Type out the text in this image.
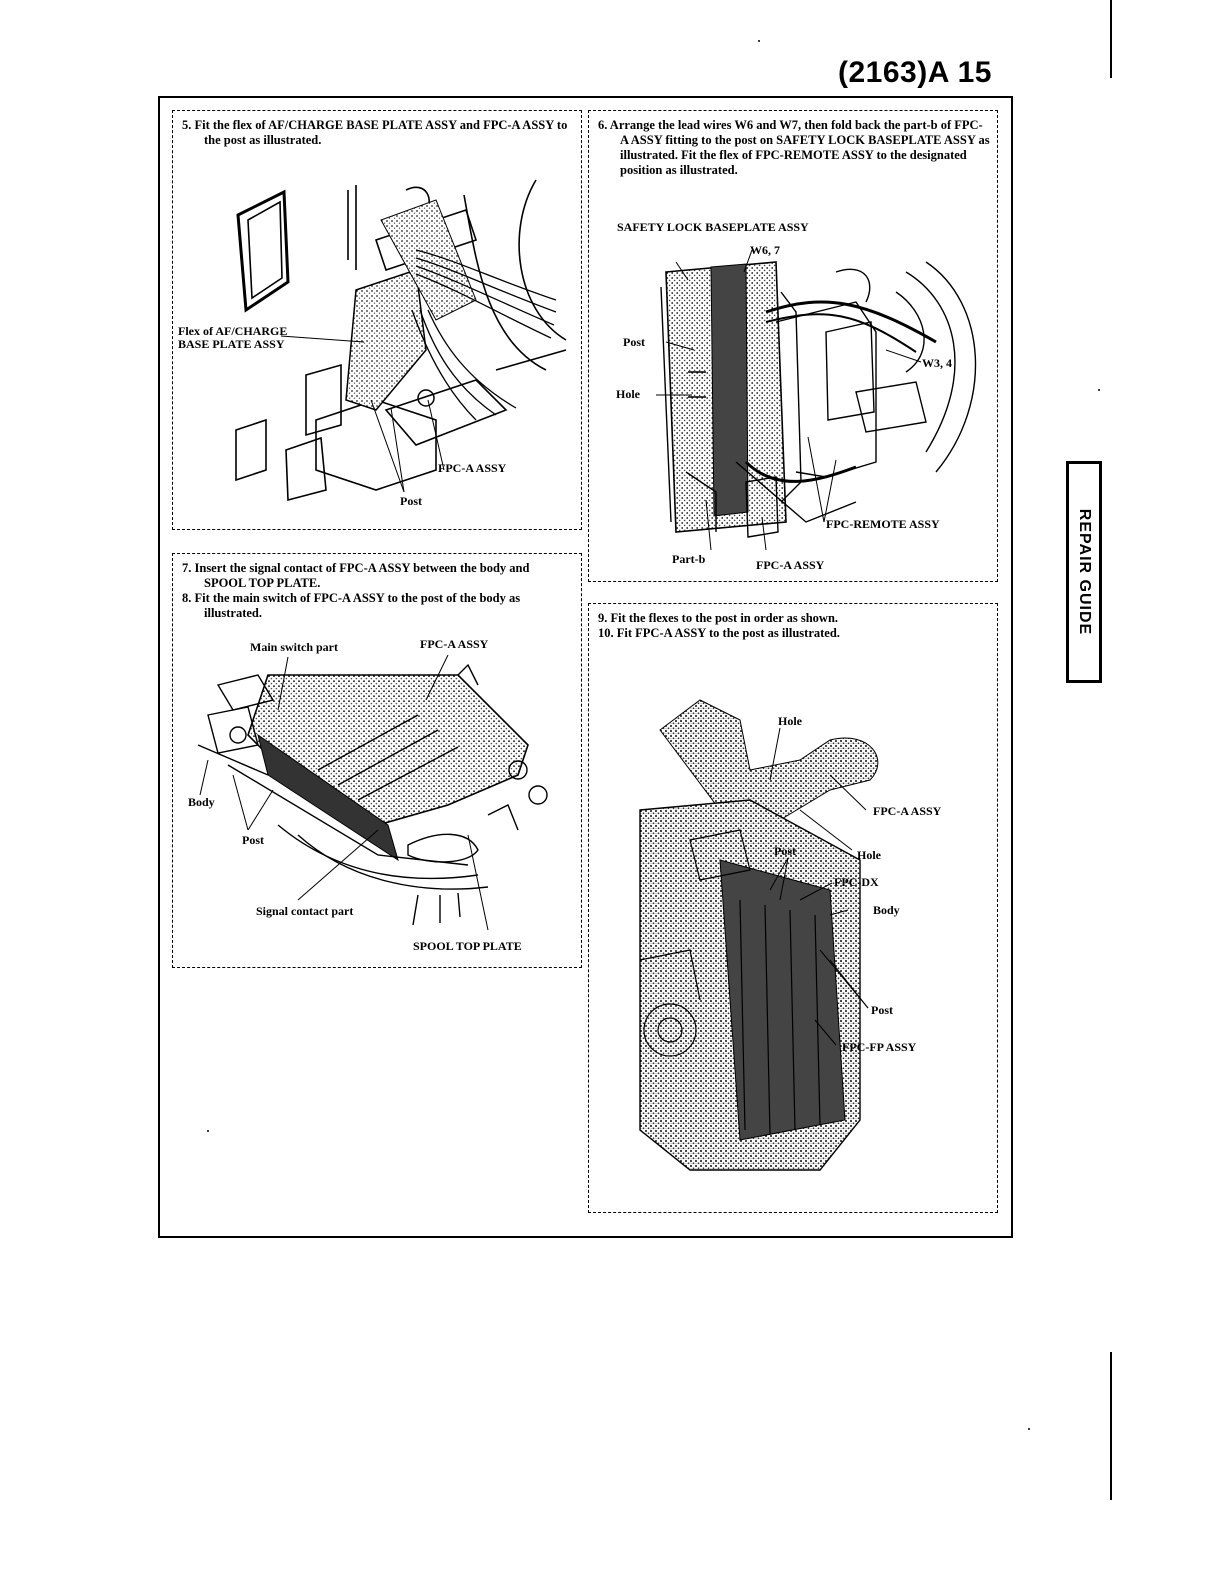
(2163)A 15
REPAIR GUIDE

5. Fit the flex of AF/CHARGE BASE PLATE ASSY and FPC-A ASSY to the post as illustrated.

Flex of AF/CHARGE
BASE PLATE ASSY
FPC-A ASSY
Post

6. Arrange the lead wires W6 and W7, then fold back the part-b of FPC-A ASSY fitting to the post on SAFETY LOCK BASEPLATE ASSY as illustrated. Fit the flex of FPC-REMOTE ASSY to the designated position as illustrated.

SAFETY LOCK BASEPLATE ASSY
W6, 7
Post
Hole
W3, 4
FPC-REMOTE ASSY
Part-b	FPC-A ASSY

7. Insert the signal contact of FPC-A ASSY between the body and SPOOL TOP PLATE.

8. Fit the main switch of FPC-A ASSY to the post of the body as illustrated.

Main switch part	FPC-A ASSY
Body
Post
Signal contact part
SPOOL TOP PLATE

9. Fit the flexes to the post in order as shown.

10. Fit FPC-A ASSY to the post as illustrated.

Hole
FPC-A ASSY
Post	Hole
FPC-DX
Body
Post
FPC-FP ASSY
